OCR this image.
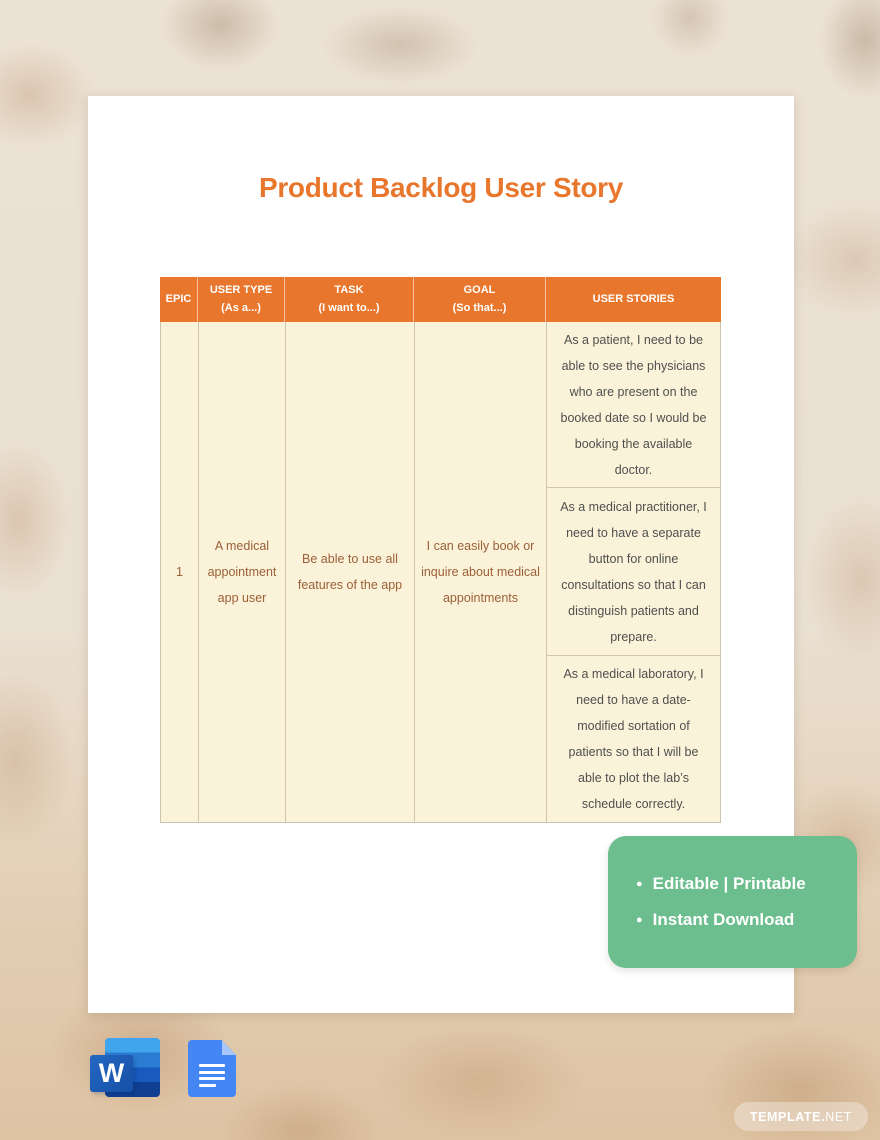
Product Backlog User Story
EPIC
USER TYPE
(As a...)
TASK
(I want to...)
GOAL
(So that...)
USER STORIES
1
A medical appointment app user
Be able to use all features of the app
I can easily book or inquire about medical appointments
As a patient, I need to be able to see the physicians who are present on the booked date so I would be booking the available doctor.
As a medical practitioner, I need to have a separate button for online consultations so that I can distinguish patients and prepare.
As a medical laboratory, I need to have a date-modified sortation of patients so that I will be able to plot the lab’s schedule correctly.
● Editable | Printable
● Instant Download
W
TEMPLATE. NET
